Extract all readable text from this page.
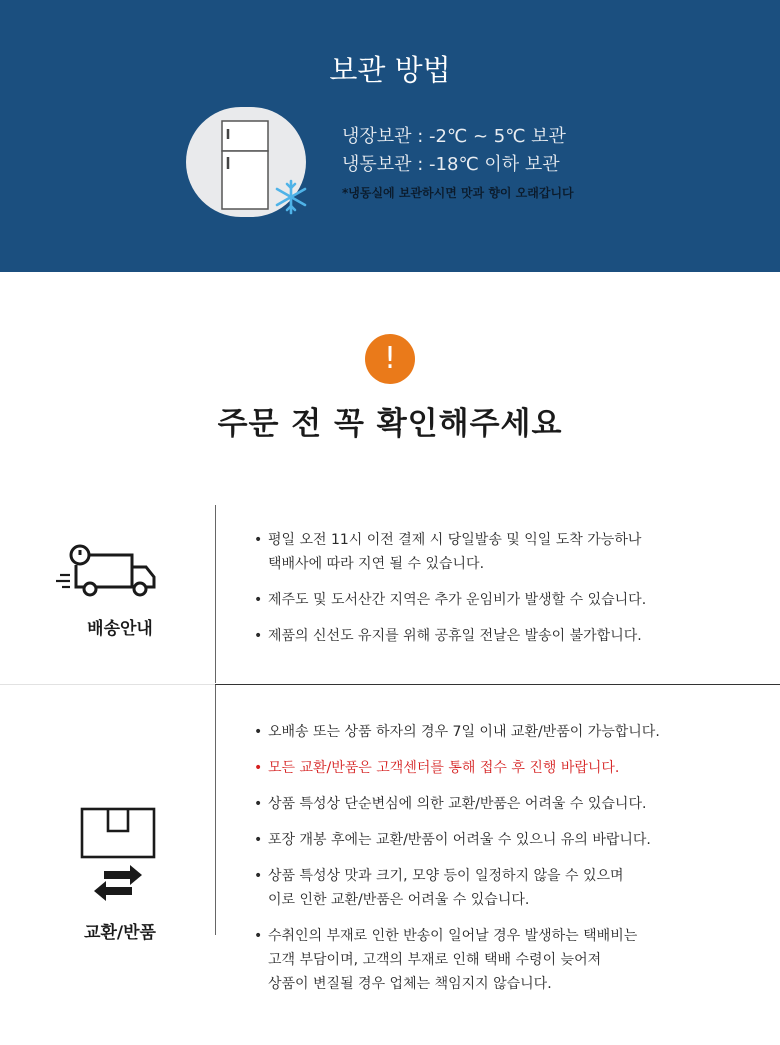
보관 방법
냉장보관 : -2℃ ~ 5℃ 보관
냉동보관 : -18℃ 이하 보관
*냉동실에 보관하시면 맛과 향이 오래갑니다
!
주문 전 꼭 확인해주세요
배송안내
• 평일 오전 11시 이전 결제 시 당일발송 및 익일 도착 가능하나
택배사에 따라 지연 될 수 있습니다.
• 제주도 및 도서산간 지역은 추가 운임비가 발생할 수 있습니다.
• 제품의 신선도 유지를 위해 공휴일 전날은 발송이 불가합니다.
교환/반품
• 오배송 또는 상품 하자의 경우 7일 이내 교환/반품이 가능합니다.
• 모든 교환/반품은 고객센터를 통해 접수 후 진행 바랍니다.
• 상품 특성상 단순변심에 의한 교환/반품은 어려울 수 있습니다.
• 포장 개봉 후에는 교환/반품이 어려울 수 있으니 유의 바랍니다.
• 상품 특성상 맛과 크기, 모양 등이 일정하지 않을 수 있으며
이로 인한 교환/반품은 어려울 수 있습니다.
• 수취인의 부재로 인한 반송이 일어날 경우 발생하는 택배비는
고객 부담이며, 고객의 부재로 인해 택배 수령이 늦어져
상품이 변질될 경우 업체는 책임지지 않습니다.
